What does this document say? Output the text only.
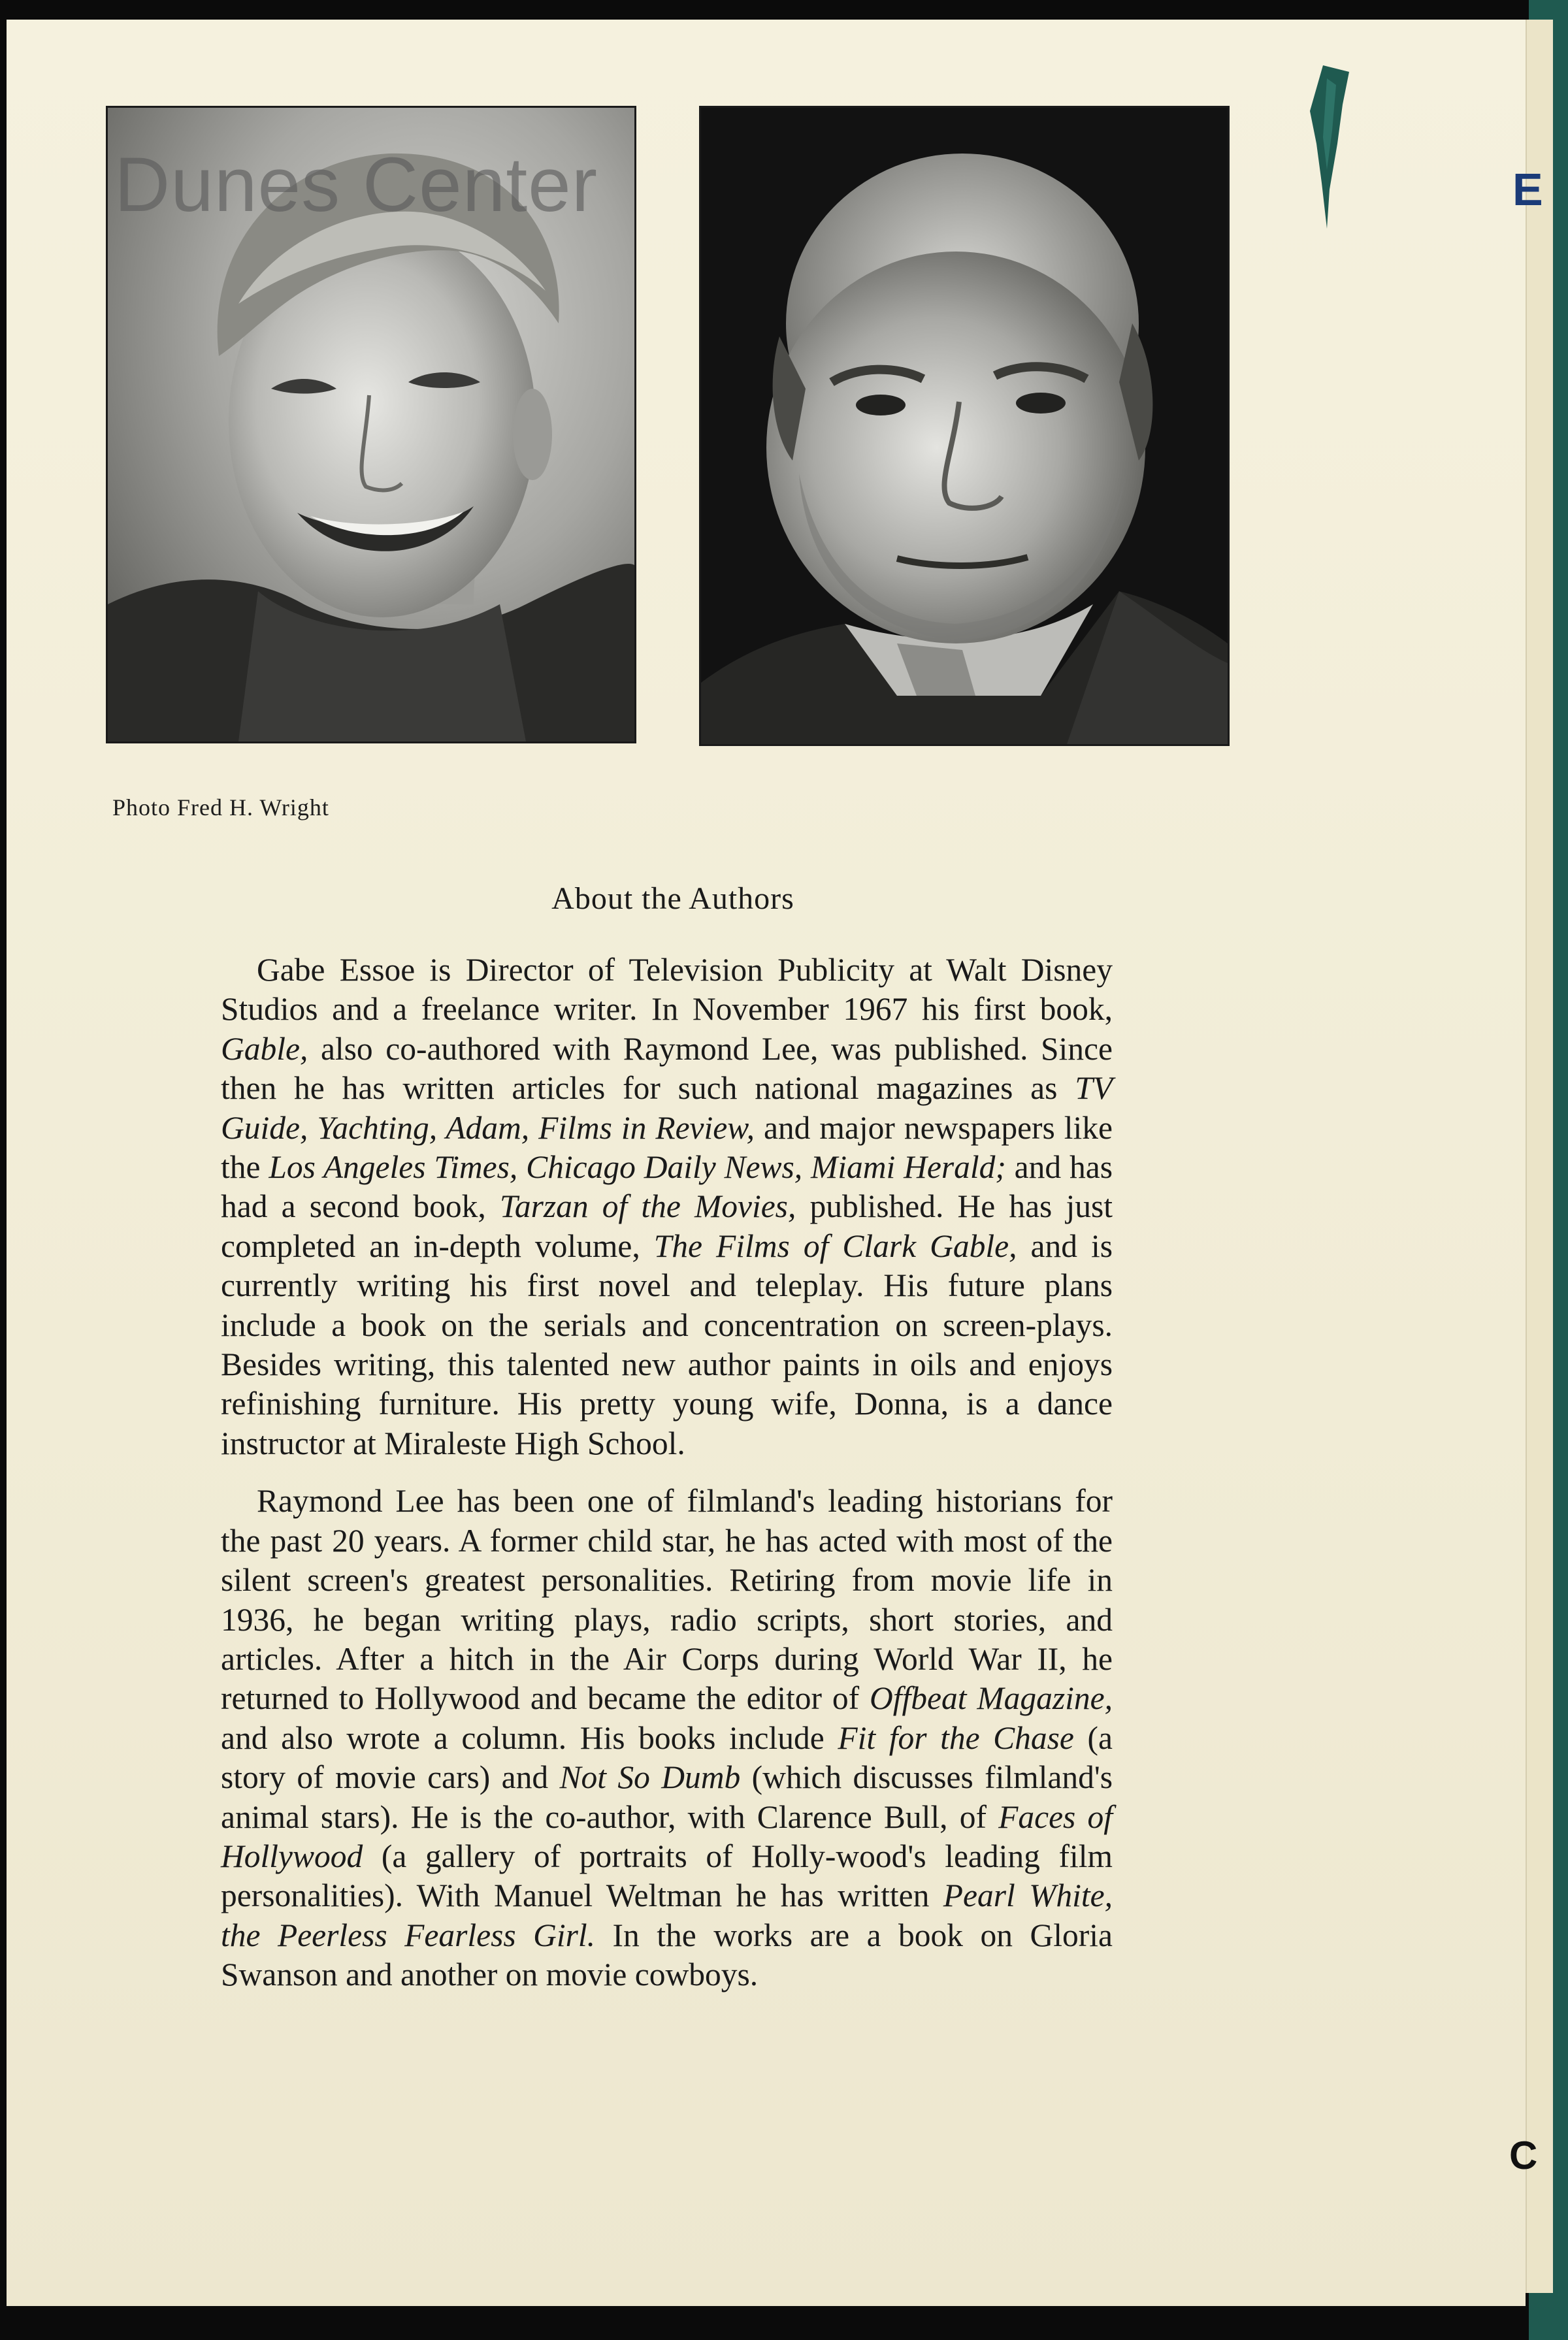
E
C
Dunes Center
Photo Fred H. Wright
About the Authors

Gabe Essoe is Director of Television Publicity at Walt Disney Studios and a freelance writer. In November 1967 his first book, Gable, also co-authored with Raymond Lee, was published. Since then he has written articles for such national magazines as TV Guide, Yachting, Adam, Films in Review, and major newspapers like the Los Angeles Times, Chicago Daily News, Miami Herald; and has had a second book, Tarzan of the Movies, published. He has just completed an in-depth volume, The Films of Clark Gable, and is currently writing his first novel and teleplay. His future plans include a book on the serials and concentration on screen-plays. Besides writing, this talented new author paints in oils and enjoys refinishing furniture. His pretty young wife, Donna, is a dance instructor at Miraleste High School.

Raymond Lee has been one of filmland's leading historians for the past 20 years. A former child star, he has acted with most of the silent screen's greatest personalities. Retiring from movie life in 1936, he began writing plays, radio scripts, short stories, and articles. After a hitch in the Air Corps during World War II, he returned to Hollywood and became the editor of Offbeat Magazine, and also wrote a column. His books include Fit for the Chase (a story of movie cars) and Not So Dumb (which discusses filmland's animal stars). He is the co-author, with Clarence Bull, of Faces of Hollywood (a gallery of portraits of Holly-wood's leading film personalities). With Manuel Weltman he has written Pearl White, the Peerless Fearless Girl. In the works are a book on Gloria Swanson and another on movie cowboys.
